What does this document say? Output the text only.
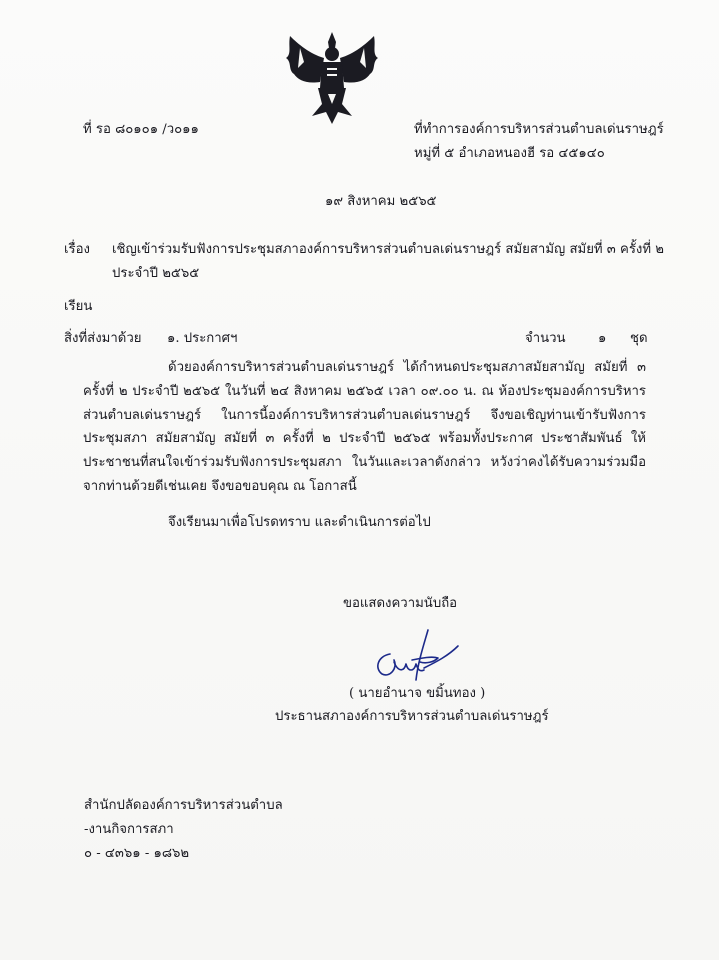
ที่ รอ ๘๐๑๐๑ /ว๐๑๑	ที่ทำการองค์การบริหารส่วนตำบลเด่นราษฎร์
หมู่ที่ ๕ อำเภอหนองฮี รอ ๔๕๑๔๐
๑๙ สิงหาคม ๒๕๖๕
เรื่อง เชิญเข้าร่วมรับฟังการประชุมสภาองค์การบริหารส่วนตำบลเด่นราษฎร์ สมัยสามัญ สมัยที่ ๓ ครั้งที่ ๒
ประจำปี ๒๕๖๕
เรียน
สิ่งที่ส่งมาด้วย ๑. ประกาศฯ	จำนวน ๑ ชุด
ด้วยองค์การบริหารส่วนตำบลเด่นราษฎร์ ได้กำหนดประชุมสภาสมัยสามัญ สมัยที่ ๓ ครั้งที่ ๒ ประจำปี ๒๕๖๕ ในวันที่ ๒๔ สิงหาคม ๒๕๖๕ เวลา ๐๙.๐๐ น. ณ ห้องประชุมองค์การบริหารส่วนตำบลเด่นราษฎร์ ในการนี้องค์การบริหารส่วนตำบลเด่นราษฎร์ จึงขอเชิญท่านเข้ารับฟังการประชุมสภา สมัยสามัญ สมัยที่ ๓ ครั้งที่ ๒ ประจำปี ๒๕๖๕ พร้อมทั้งประกาศ ประชาสัมพันธ์ ให้ประชาชนที่สนใจเข้าร่วมรับฟังการประชุมสภา ในวันและเวลาดังกล่าว หวังว่าคงได้รับความร่วมมือจากท่านด้วยดีเช่นเคย จึงขอขอบคุณ ณ โอกาสนี้
จึงเรียนมาเพื่อโปรดทราบ และดำเนินการต่อไป
ขอแสดงความนับถือ
( นายอำนาจ ขมิ้นทอง )
ประธานสภาองค์การบริหารส่วนตำบลเด่นราษฎร์
สำนักปลัดองค์การบริหารส่วนตำบล
-งานกิจการสภา
๐ - ๔๓๖๑ - ๑๘๖๒
